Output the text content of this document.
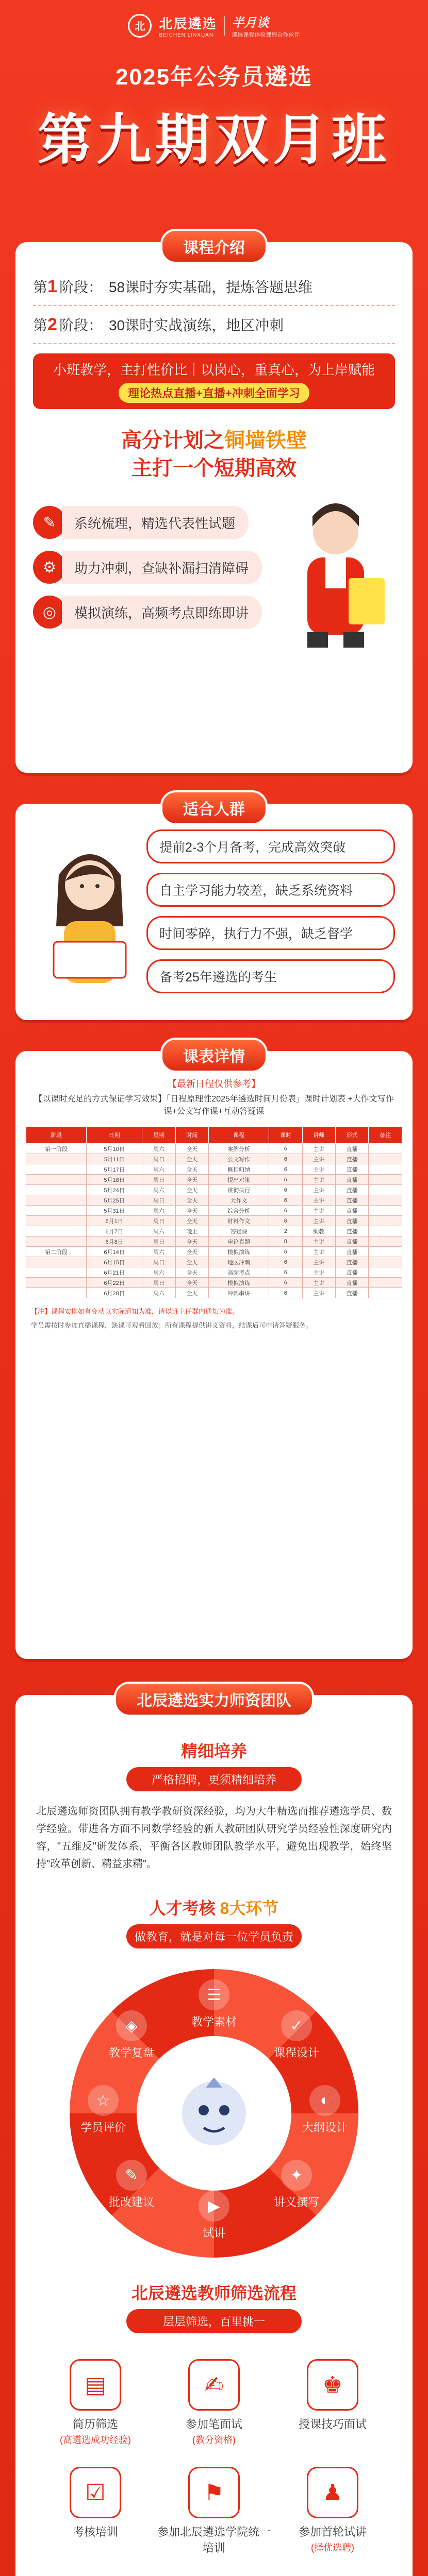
北	北辰遴选
BEICHEN LINXUAN
半月谈
遴选课程体验课程合作伙伴
2025年公务员遴选
第九期双月班
课程介绍
第 1 阶段 ： 58课时夯实基础，提炼答题思维
第 2 阶段 ： 30课时实战演练，地区冲刺
小班教学，主打性价比｜以岗心，重真心，为上岸赋能
理论热点直播+直播+冲刺全面学习
高分计划之铜墙铁壁
主打一个短期高效
✎	系统梳理，精选代表性试题
⚙	助力冲刺，查缺补漏扫清障碍
◎	模拟演练，高频考点即练即讲
适合人群
提前2-3个月备考，完成高效突破
自主学习能力较差，缺乏系统资料
时间零碎，执行力不强，缺乏督学
备考25年遴选的考生
课表详情
【最新日程仅供参考】
【以课时充足的方式保证学习效果】「日程原理性2025年遴选时间月份表」课时计划表 +大作文写作课+公文写作课+互动答疑课
阶段	日期	星期	时间	课程	课时	讲师	形式	备注
第一阶段	5月10日	周六	全天	案例分析	6	主讲	直播	
	5月11日	周日	全天	公文写作	6	主讲	直播	
	5月17日	周六	全天	概括归纳	6	主讲	直播	
	5月18日	周日	全天	提出对策	6	主讲	直播	
	5月24日	周六	全天	贯彻执行	6	主讲	直播	
	5月25日	周日	全天	大作文	6	主讲	直播	
	5月31日	周六	全天	综合分析	6	主讲	直播	
	6月1日	周日	全天	材料作文	6	主讲	直播	
	6月7日	周六	晚上	答疑课	2	助教	直播	
	6月8日	周日	全天	申论真题	8	主讲	直播	
第二阶段	6月14日	周六	全天	模拟演练	6	主讲	直播	
	6月15日	周日	全天	地区冲刺	6	主讲	直播	
	6月21日	周六	全天	高频考点	6	主讲	直播	
	6月22日	周日	全天	模拟演练	6	主讲	直播	
	6月28日	周六	全天	冲刺串讲	6	主讲	直播	
【注】课程安排如有变动以实际通知为准，请以班主任群内通知为准。
学员需按时参加直播课程，缺课可观看回放；所有课程提供讲义资料，结课后可申请答疑服务。
北辰遴选实力师资团队
精细培养
严格招聘，更须精细培养
北辰遴选师资团队拥有教学教研资深经验，均为大牛精选而推荐遴选学员、数学经验。带进各方面不同数学经验的新人教研团队研究学员经验性深度研究内容，"五维反"研发体系，平衡各区教师团队教学水平，避免出现教学，始终坚持"改革创新、精益求精"。
人才考核 8大环节
做教育，就是对每一位学员负责
☰
教学素材	✓
课程设计
◐
大纲设计
✦
讲义撰写
▶
试讲
✎
批改建议
☆
学员评价
◈
教学复盘
北辰遴选教师筛选流程
层层筛选，百里挑一
▤
简历筛选
(高遴选成功经验)
✍
参加笔面试
(教分资格)
♚
授课技巧面试
☑
考核培训
⚑
参加北辰遴选学院统一培训
♟
参加首轮试讲
(择优选聘)
